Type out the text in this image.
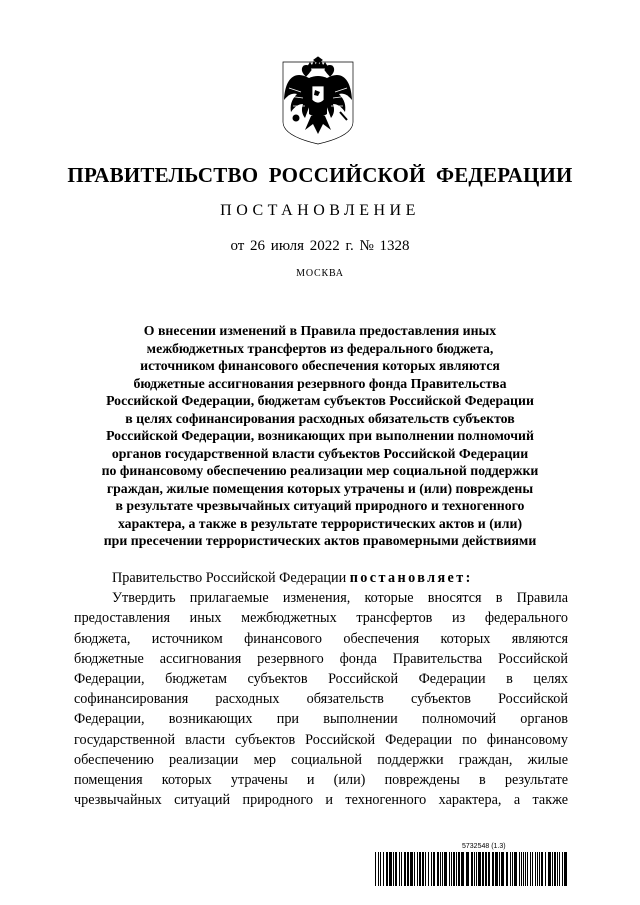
ПРАВИТЕЛЬСТВО РОССИЙСКОЙ ФЕДЕРАЦИИ
ПОСТАНОВЛЕНИЕ
от 26 июля 2022 г. № 1328
МОСКВА
О внесении изменений в Правила предоставления иных
межбюджетных трансфертов из федерального бюджета,
источником финансового обеспечения которых являются
бюджетные ассигнования резервного фонда Правительства
Российской Федерации, бюджетам субъектов Российской Федерации
в целях софинансирования расходных обязательств субъектов
Российской Федерации, возникающих при выполнении полномочий
органов государственной власти субъектов Российской Федерации
по финансовому обеспечению реализации мер социальной поддержки
граждан, жилые помещения которых утрачены и (или) повреждены
в результате чрезвычайных ситуаций природного и техногенного
характера, а также в результате террористических актов и (или)
при пресечении террористических актов правомерными действиями
Правительство Российской Федерации постановляет:
Утвердить прилагаемые изменения, которые вносятся в Правила
предоставления иных межбюджетных трансфертов из федерального
бюджета, источником финансового обеспечения которых являются
бюджетные ассигнования резервного фонда Правительства Российской
Федерации, бюджетам субъектов Российской Федерации в целях
софинансирования расходных обязательств субъектов Российской
Федерации, возникающих при выполнении полномочий органов
государственной власти субъектов Российской Федерации по финансовому
обеспечению реализации мер социальной поддержки граждан, жилые
помещения которых утрачены и (или) повреждены в результате
чрезвычайных ситуаций природного и техногенного характера, а также
5732548 (1.3)
